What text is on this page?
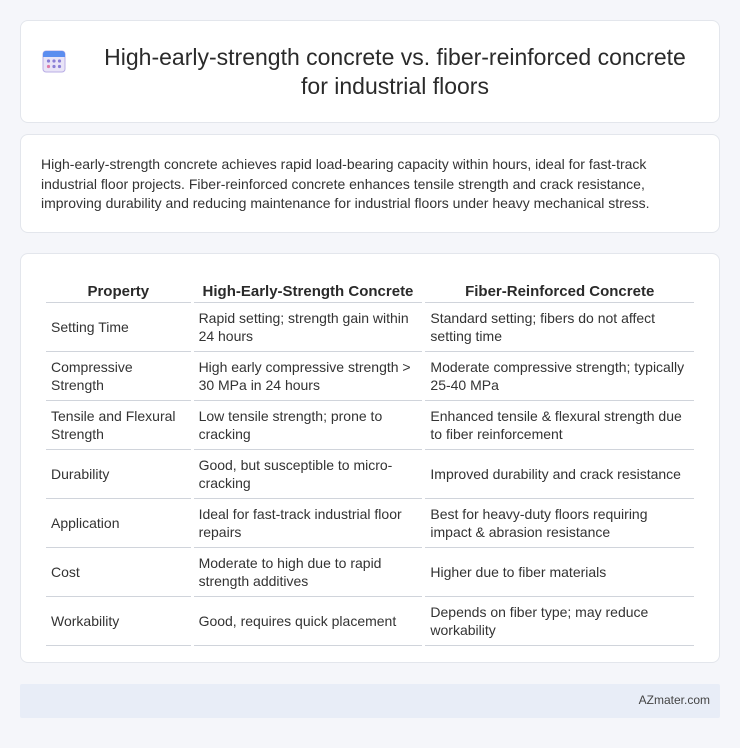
High-early-strength concrete vs. fiber-reinforced concrete for industrial floors

High-early-strength concrete achieves rapid load-bearing capacity within hours, ideal for fast-track industrial floor projects. Fiber-reinforced concrete enhances tensile strength and crack resistance, improving durability and reducing maintenance for industrial floors under heavy mechanical stress.

Property	High-Early-Strength Concrete	Fiber-Reinforced Concrete
Setting Time	Rapid setting; strength gain within 24 hours	Standard setting; fibers do not affect setting time
Compressive Strength	High early compressive strength > 30 MPa in 24 hours	Moderate compressive strength; typically 25-40 MPa
Tensile and Flexural Strength	Low tensile strength; prone to cracking	Enhanced tensile & flexural strength due to fiber reinforcement
Durability	Good, but susceptible to micro-cracking	Improved durability and crack resistance
Application	Ideal for fast-track industrial floor repairs	Best for heavy-duty floors requiring impact & abrasion resistance
Cost	Moderate to high due to rapid strength additives	Higher due to fiber materials
Workability	Good, requires quick placement	Depends on fiber type; may reduce workability
AZmater.com
